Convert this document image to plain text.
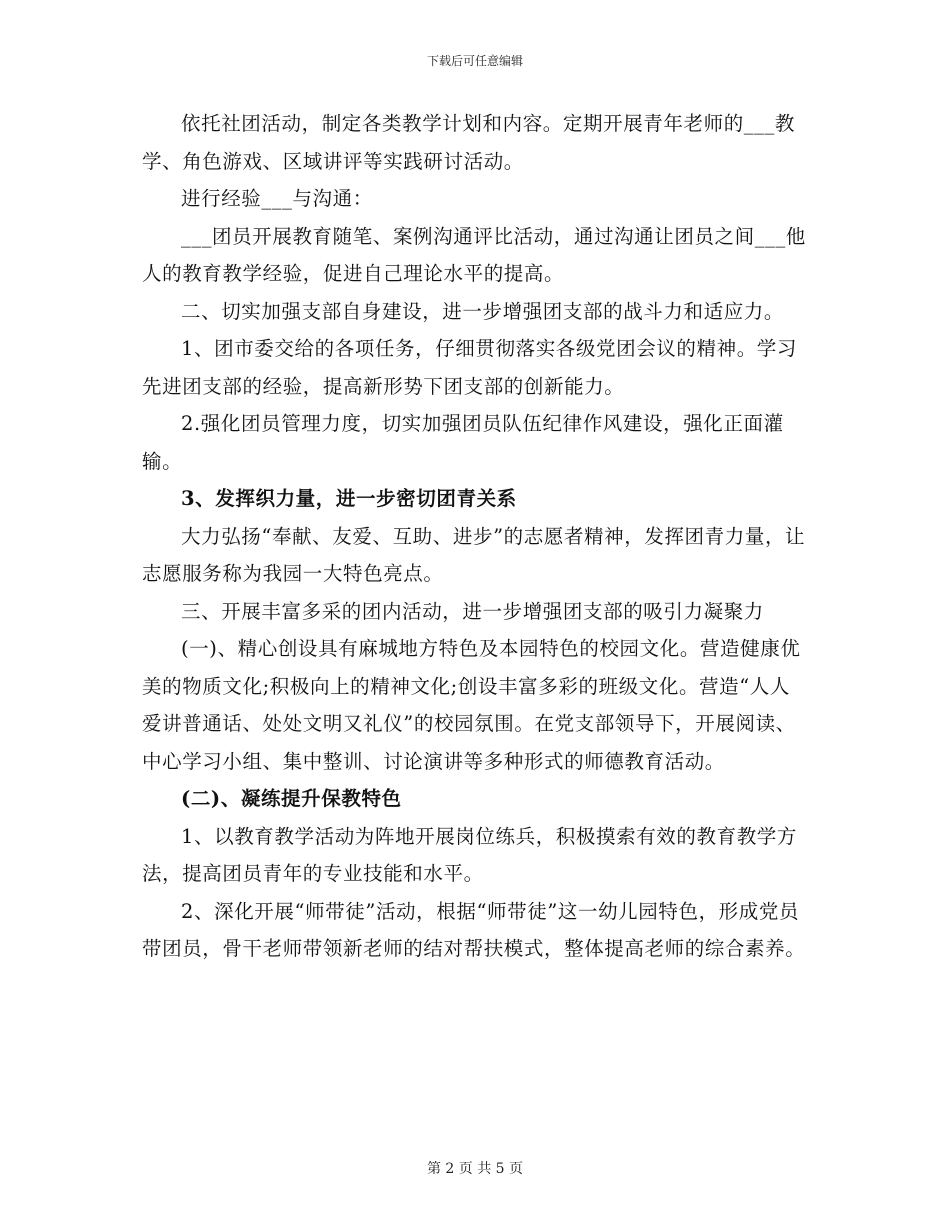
下载后可任意编辑

依托社团活动，制定各类教学计划和内容。定期开展青年老师的___教学、角色游戏、区域讲评等实践研讨活动。

进行经验___与沟通：

___团员开展教育随笔、案例沟通评比活动，通过沟通让团员之间___他人的教育教学经验，促进自己理论水平的提高。

二、切实加强支部自身建设，进一步增强团支部的战斗力和适应力。

1、团市委交给的各项任务，仔细贯彻落实各级党团会议的精神。学习先进团支部的经验，提高新形势下团支部的创新能力。

2.强化团员管理力度，切实加强团员队伍纪律作风建设，强化正面灌输。

3、发挥织力量，进一步密切团青关系

大力弘扬“奉献、友爱、互助、进步”的志愿者精神，发挥团青力量，让志愿服务称为我园一大特色亮点。

三、开展丰富多采的团内活动，进一步增强团支部的吸引力凝聚力

(一)、精心创设具有麻城地方特色及本园特色的校园文化。营造健康优美的物质文化;积极向上的精神文化;创设丰富多彩的班级文化。营造“人人爱讲普通话、处处文明又礼仪”的校园氛围。在党支部领导下，开展阅读、中心学习小组、集中整训、讨论演讲等多种形式的师德教育活动。

(二)、凝练提升保教特色

1、以教育教学活动为阵地开展岗位练兵，积极摸索有效的教育教学方法，提高团员青年的专业技能和水平。

2、深化开展“师带徒”活动，根据“师带徒”这一幼儿园特色，形成党员带团员，骨干老师带领新老师的结对帮扶模式，整体提高老师的综合素养。

第 2 页 共 5 页
